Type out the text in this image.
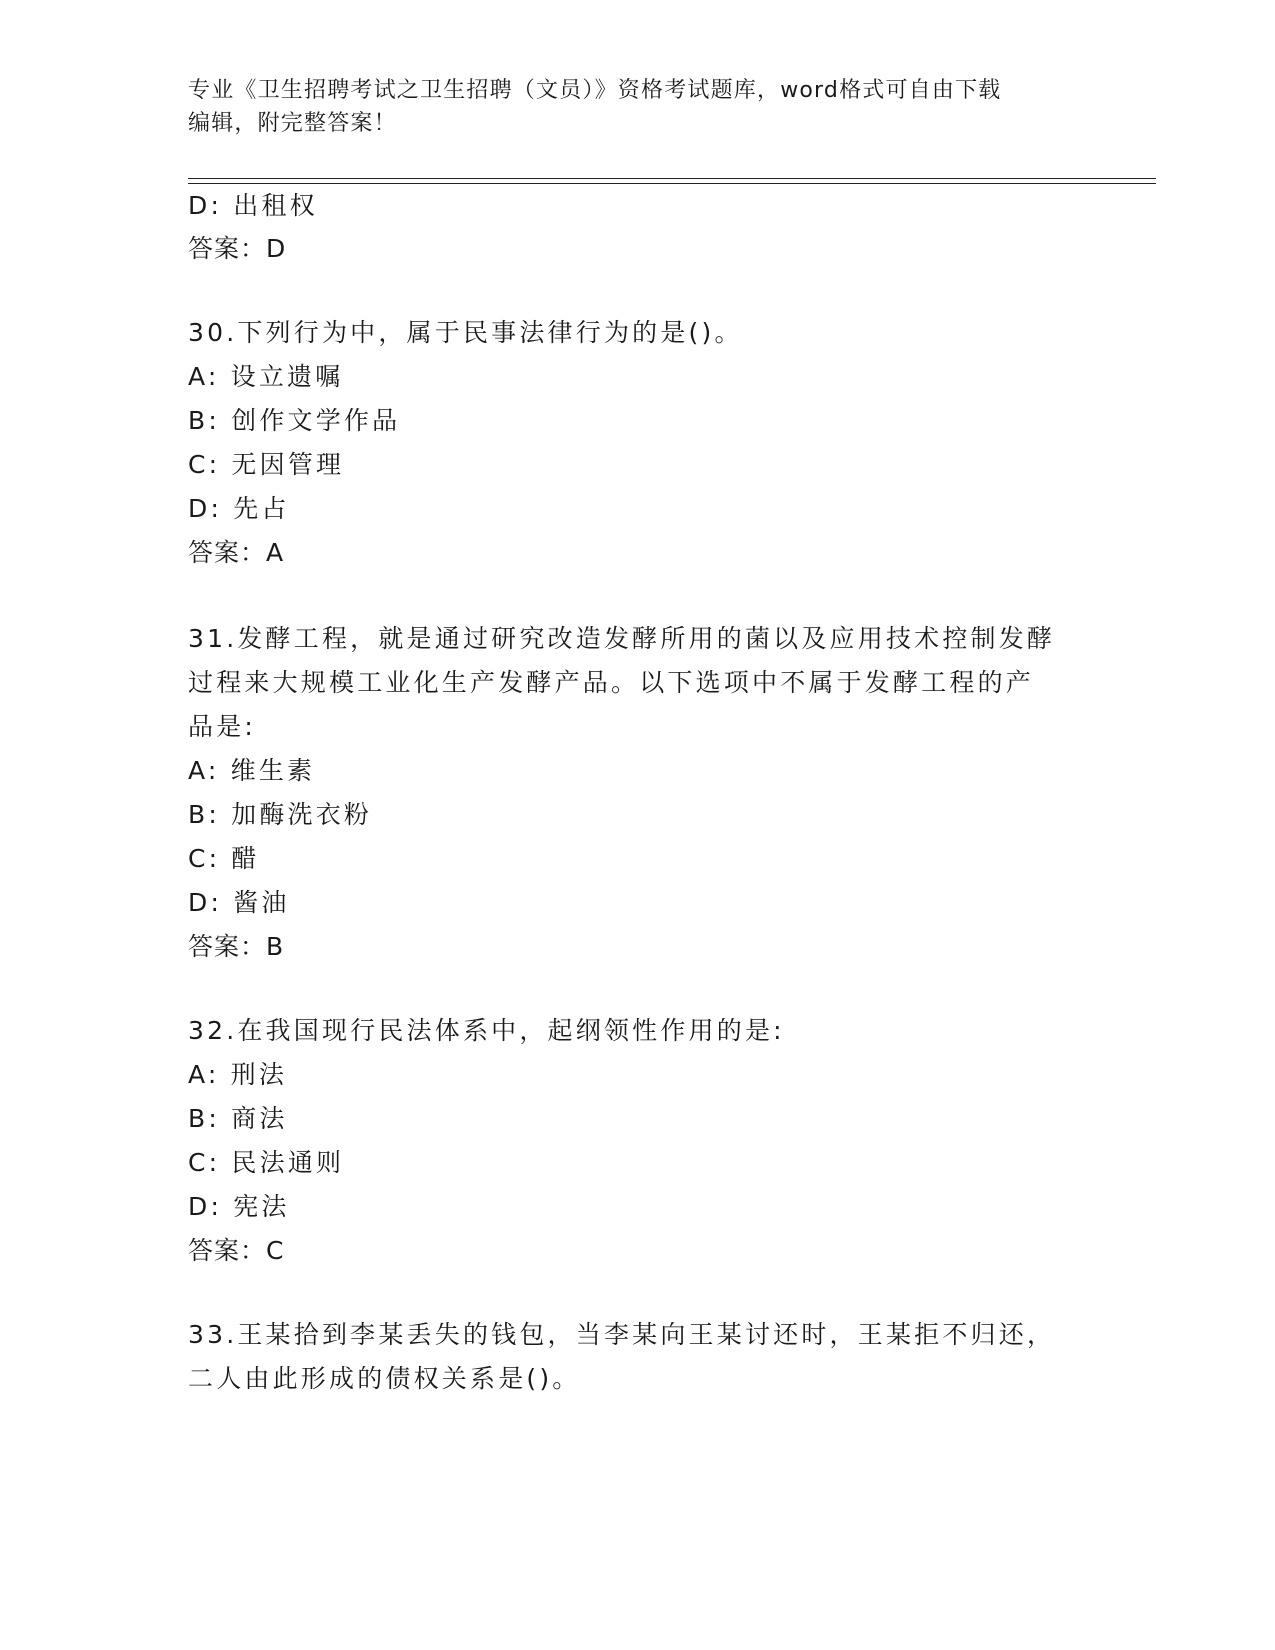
专业《卫生招聘考试之卫生招聘（文员）》资格考试题库，word格式可自由下载
编辑，附完整答案！
D: 出租权
答案：D
30.下列行为中，属于民事法律行为的是()。
A: 设立遗嘱
B: 创作文学作品
C: 无因管理
D: 先占
答案：A
31.发酵工程，就是通过研究改造发酵所用的菌以及应用技术控制发酵
过程来大规模工业化生产发酵产品。以下选项中不属于发酵工程的产
品是:
A: 维生素
B: 加酶洗衣粉
C: 醋
D: 酱油
答案：B
32.在我国现行民法体系中，起纲领性作用的是:
A: 刑法
B: 商法
C: 民法通则
D: 宪法
答案：C
33.王某拾到李某丢失的钱包，当李某向王某讨还时，王某拒不归还，
二人由此形成的债权关系是()。
